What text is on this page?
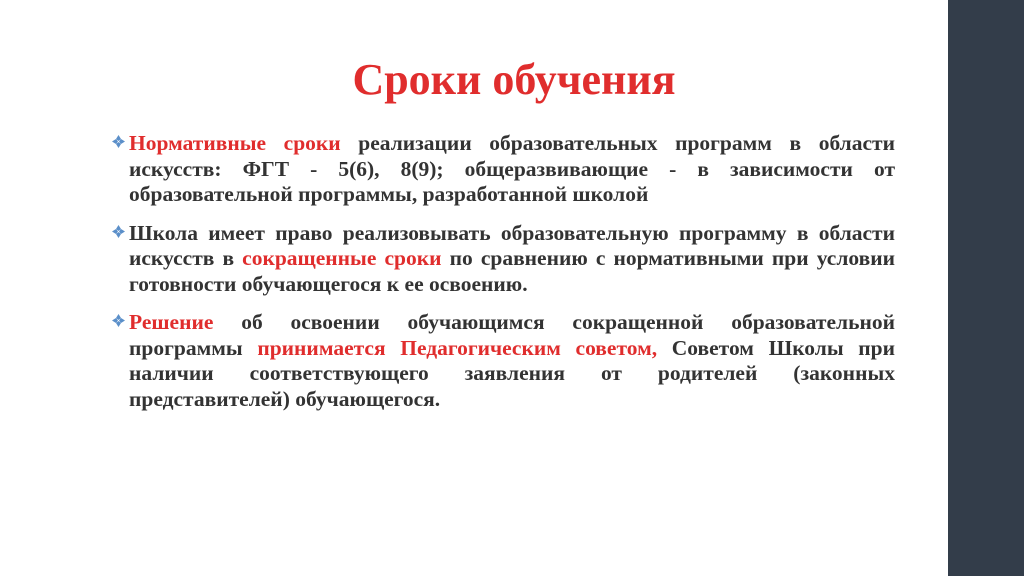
Сроки обучения
Нормативные сроки реализации образовательных программ в области искусств: ФГТ - 5(6), 8(9); общеразвивающие - в зависимости от образовательной программы, разработанной школой
Школа имеет право реализовывать образовательную программу в области искусств в сокращенные сроки по сравнению с нормативными при условии готовности обучающегося к ее освоению.
Решение об освоении обучающимся сокращенной образовательной программы принимается Педагогическим советом, Советом Школы при наличии соответствующего заявления от родителей (законных представителей) обучающегося.
